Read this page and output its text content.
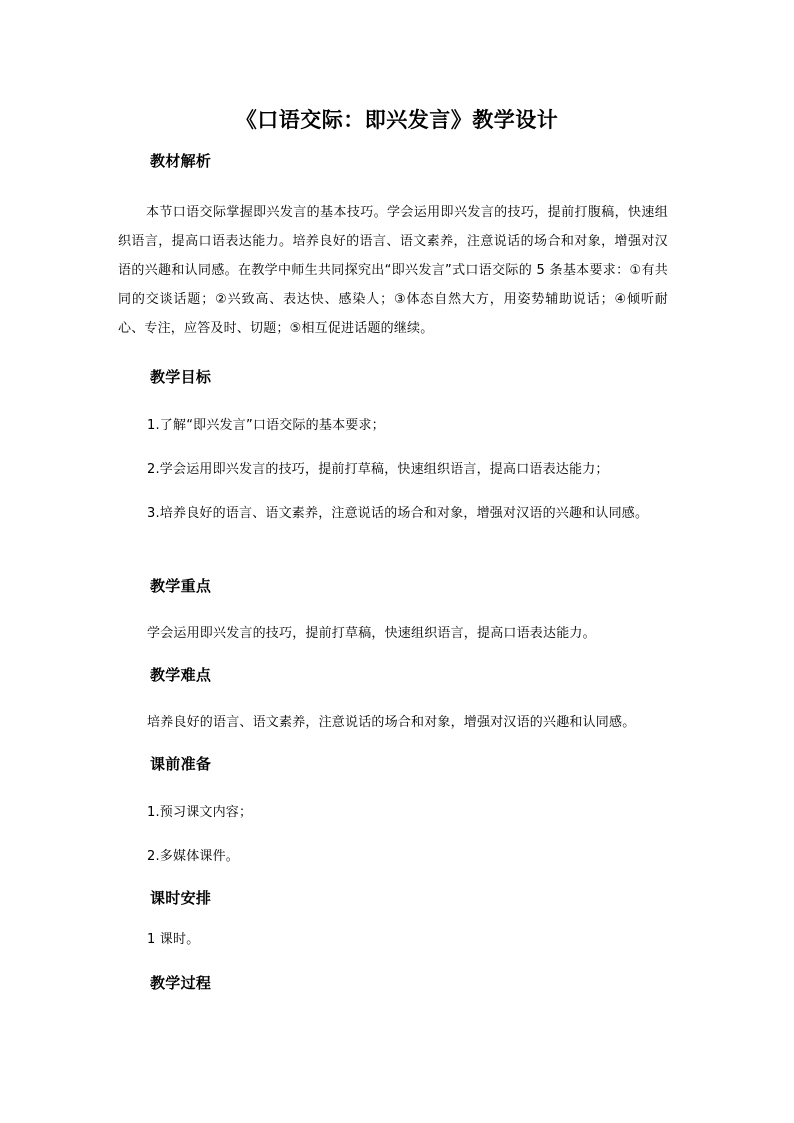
《口语交际：即兴发言》教学设计
教材解析
本节口语交际掌握即兴发言的基本技巧。学会运用即兴发言的技巧，提前打腹稿，快速组织语言，提高口语表达能力。培养良好的语言、语文素养，注意说话的场合和对象，增强对汉语的兴趣和认同感。在教学中师生共同探究出“即兴发言”式口语交际的 5 条基本要求：①有共同的交谈话题；②兴致高、表达快、感染人；③体态自然大方，用姿势辅助说话；④倾听耐心、专注，应答及时、切题；⑤相互促进话题的继续。
教学目标
1.了解“即兴发言”口语交际的基本要求；
2.学会运用即兴发言的技巧，提前打草稿，快速组织语言，提高口语表达能力；
3.培养良好的语言、语文素养，注意说话的场合和对象，增强对汉语的兴趣和认同感。
教学重点
学会运用即兴发言的技巧，提前打草稿，快速组织语言，提高口语表达能力。
教学难点
培养良好的语言、语文素养，注意说话的场合和对象，增强对汉语的兴趣和认同感。
课前准备
1.预习课文内容；
2.多媒体课件。
课时安排
1 课时。
教学过程
